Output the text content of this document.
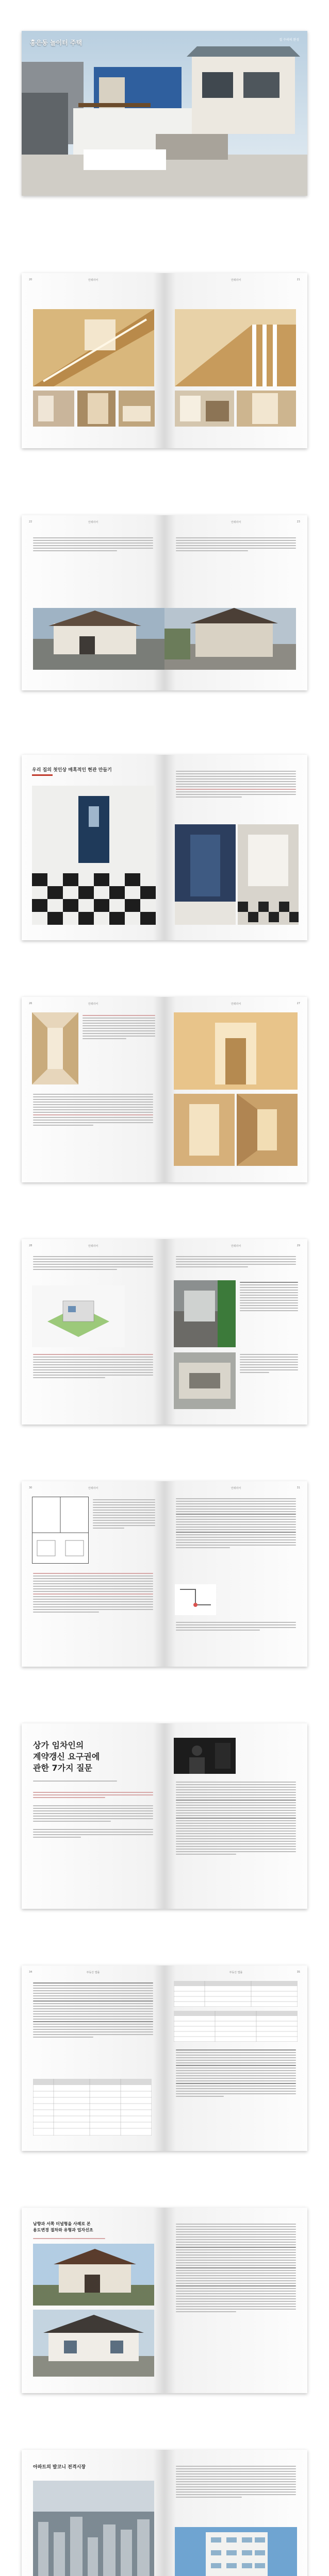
홍은동 놀이터 주택	집 수리의 완성
20	인테리어	21
인테리어
22	인테리어	23
인테리어
우리 집의 첫인상 매혹적인 현관 만들기
26	인테리어	27
인테리어
28	인테리어	29
인테리어
30	인테리어	31
인테리어
상가 임차인의
계약갱신 요구권에
관한 7가지 질문
34	부동산 법률	35
부동산 법률
남향과 서쪽 터널형을 사례로 본
용도변경 절차와 유형과 업자선조
아파트의 발코니 전격시장
